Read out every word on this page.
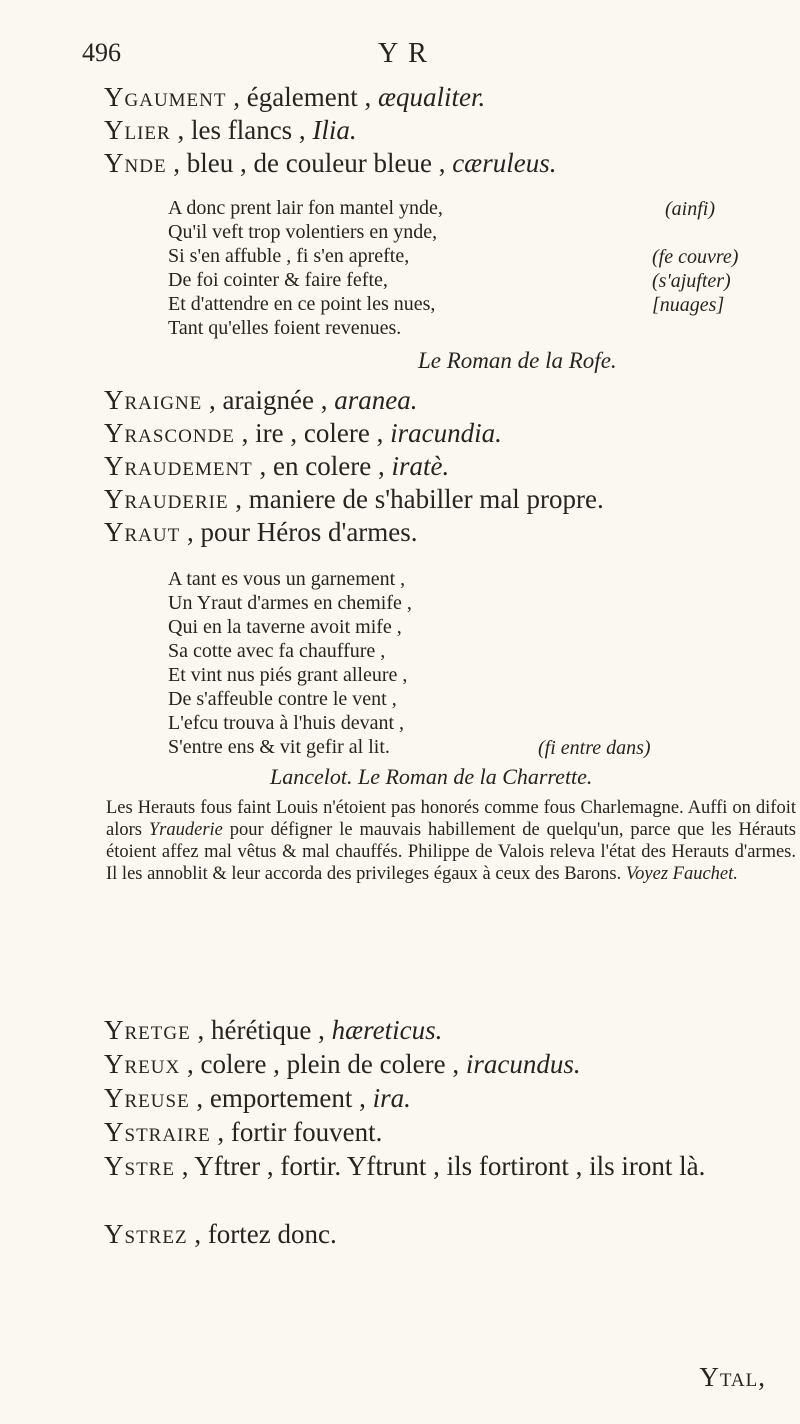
496	Y R
Ygaument , également , æqualiter.
Ylier , les flancs , Ilia.
Ynde , bleu , de couleur bleue , cæruleus.
A donc prent lair fon mantel ynde,
Qu'il veft trop volentiers en ynde,
Si s'en affuble , fi s'en aprefte,
De foi cointer & faire fefte,
Et d'attendre en ce point les nues,
Tant qu'elles foient revenues.
(ainfi)
(fe couvre)
(s'ajufter)
[nuages]
Le Roman de la Rofe.
Yraigne , araignée , aranea.
Yrasconde , ire , colere , iracundia.
Yraudement , en colere , iratè.
Yrauderie , maniere de s'habiller mal propre.
Yraut , pour Héros d'armes.
A tant es vous un garnement ,
Un Yraut d'armes en chemife ,
Qui en la taverne avoit mife ,
Sa cotte avec fa chauffure ,
Et vint nus piés grant alleure ,
De s'affeuble contre le vent ,
L'efcu trouva à l'huis devant ,
S'entre ens & vit gefir al lit.	(fi entre dans)
Lancelot. Le Roman de la Charrette.

Les Herauts fous faint Louis n'étoient pas honorés comme fous Charlemagne. Auffi on difoit alors Yrauderie pour défigner le mauvais habillement de quelqu'un, parce que les Hérauts étoient affez mal vêtus & mal chauffés. Philippe de Valois releva l'état des Herauts d'armes. Il les annoblit & leur accorda des privileges égaux à ceux des Barons. Voyez Fauchet.

Yretge , hérétique , hæreticus.
Yreux , colere , plein de colere , iracundus.
Yreuse , emportement , ira.
Ystraire , fortir fouvent.
Ystre , Yftrer , fortir. Yftrunt , ils fortiront , ils iront là.
Ystrez , fortez donc.
Ytal,
